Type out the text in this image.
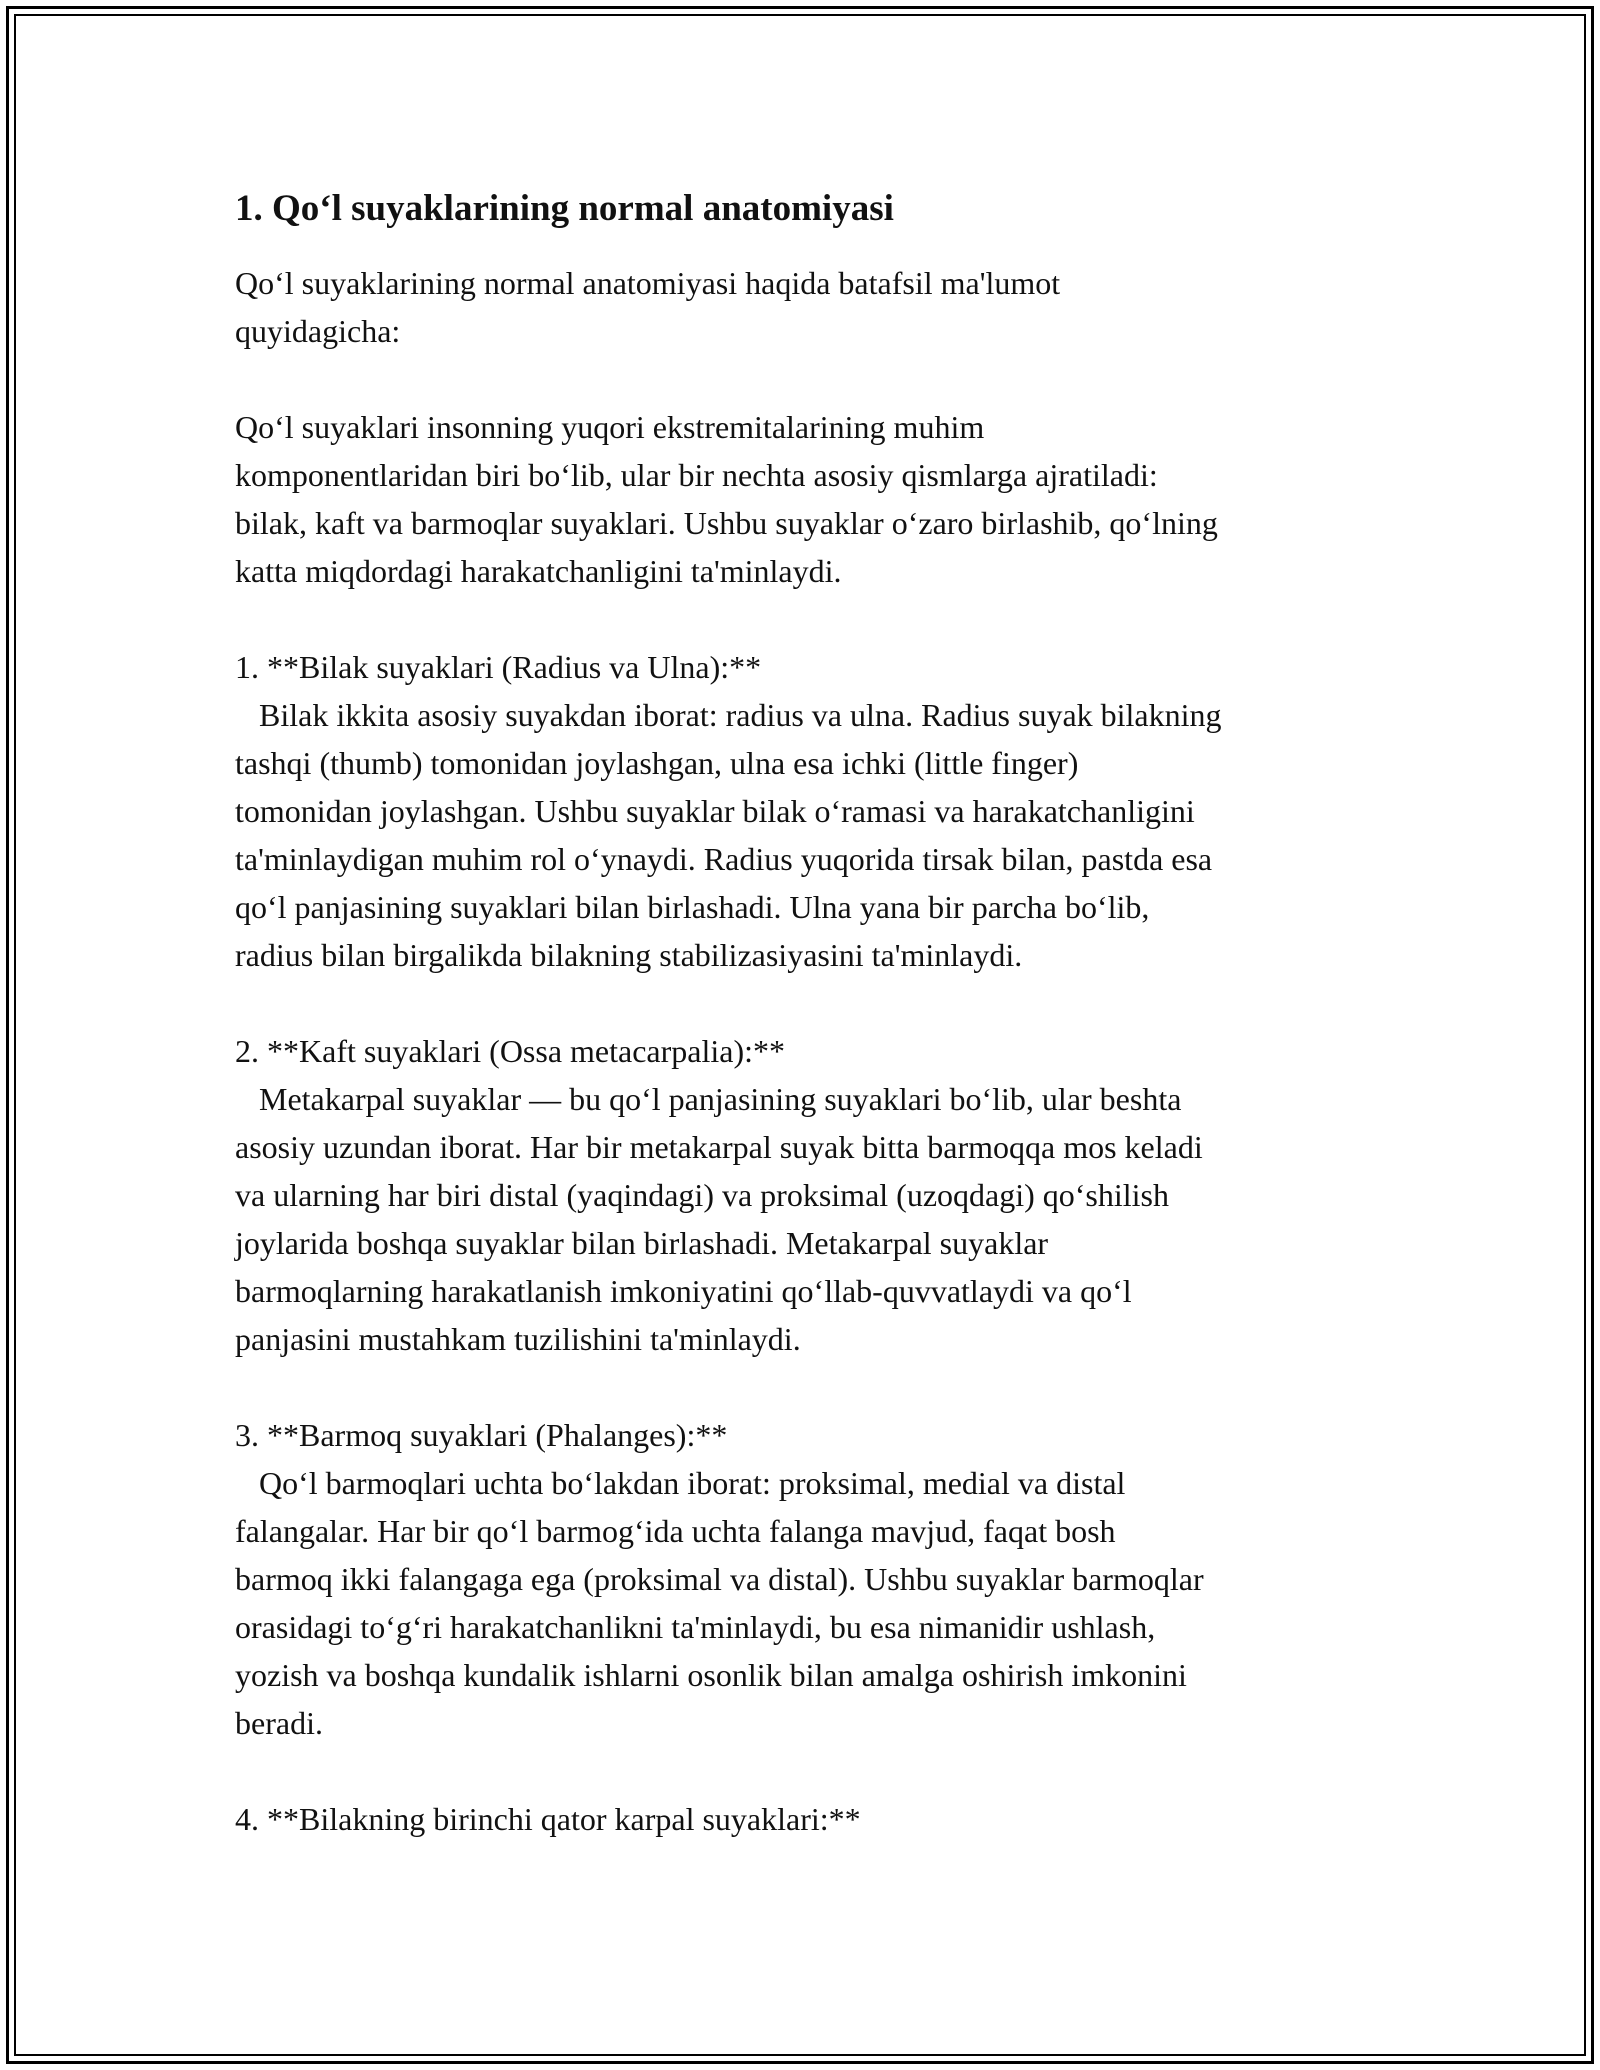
1. Qo‘l suyaklarining normal anatomiyasi

Qo‘l suyaklarining normal anatomiyasi haqida batafsil ma'lumot
quyidagicha:

Qo‘l suyaklari insonning yuqori ekstremitalarining muhim
komponentlaridan biri bo‘lib, ular bir nechta asosiy qismlarga ajratiladi:
bilak, kaft va barmoqlar suyaklari. Ushbu suyaklar o‘zaro birlashib, qo‘lning
katta miqdordagi harakatchanligini ta'minlaydi.

1. **Bilak suyaklari (Radius va Ulna):**

Bilak ikkita asosiy suyakdan iborat: radius va ulna. Radius suyak bilakning
tashqi (thumb) tomonidan joylashgan, ulna esa ichki (little finger)
tomonidan joylashgan. Ushbu suyaklar bilak o‘ramasi va harakatchanligini
ta'minlaydigan muhim rol o‘ynaydi. Radius yuqorida tirsak bilan, pastda esa
qo‘l panjasining suyaklari bilan birlashadi. Ulna yana bir parcha bo‘lib,
radius bilan birgalikda bilakning stabilizasiyasini ta'minlaydi.

2. **Kaft suyaklari (Ossa metacarpalia):**

Metakarpal suyaklar — bu qo‘l panjasining suyaklari bo‘lib, ular beshta
asosiy uzundan iborat. Har bir metakarpal suyak bitta barmoqqa mos keladi
va ularning har biri distal (yaqindagi) va proksimal (uzoqdagi) qo‘shilish
joylarida boshqa suyaklar bilan birlashadi. Metakarpal suyaklar
barmoqlarning harakatlanish imkoniyatini qo‘llab-quvvatlaydi va qo‘l
panjasini mustahkam tuzilishini ta'minlaydi.

3. **Barmoq suyaklari (Phalanges):**

Qo‘l barmoqlari uchta bo‘lakdan iborat: proksimal, medial va distal
falangalar. Har bir qo‘l barmog‘ida uchta falanga mavjud, faqat bosh
barmoq ikki falangaga ega (proksimal va distal). Ushbu suyaklar barmoqlar
orasidagi to‘g‘ri harakatchanlikni ta'minlaydi, bu esa nimanidir ushlash,
yozish va boshqa kundalik ishlarni osonlik bilan amalga oshirish imkonini
beradi.

4. **Bilakning birinchi qator karpal suyaklari:**
